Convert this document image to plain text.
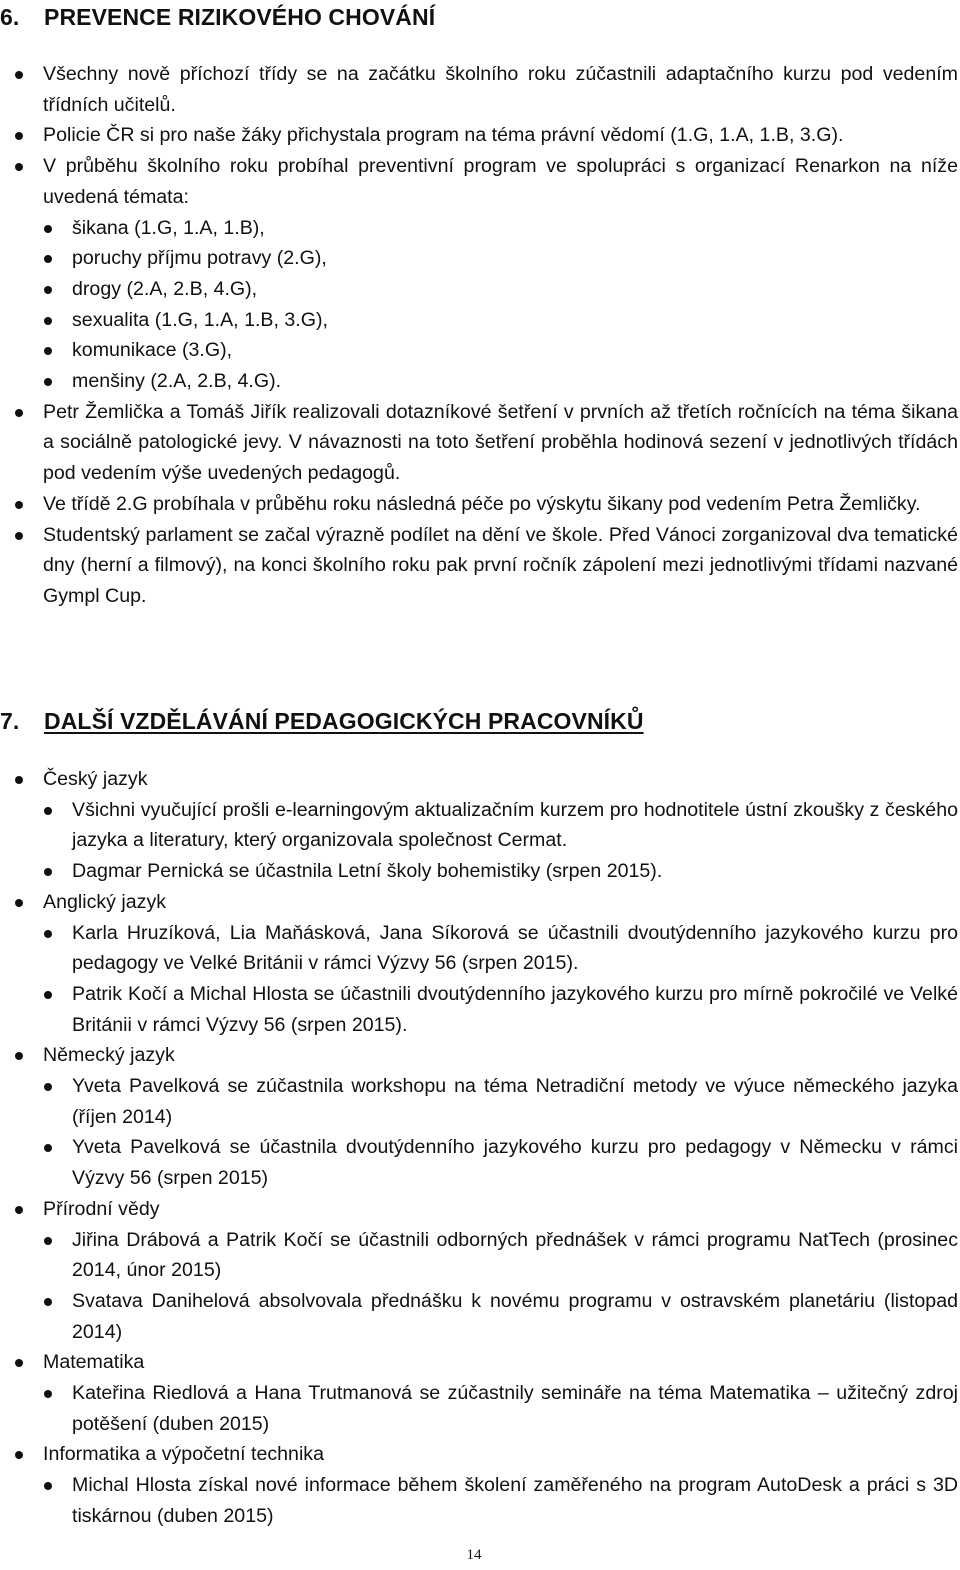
6. PREVENCE RIZIKOVÉHO CHOVÁNÍ
Všechny nově příchozí třídy se na začátku školního roku zúčastnili adaptačního kurzu pod vedením třídních učitelů.
Policie ČR si pro naše žáky přichystala program na téma právní vědomí (1.G, 1.A, 1.B, 3.G).
V průběhu školního roku probíhal preventivní program ve spolupráci s organizací Renarkon na níže uvedená témata:
šikana (1.G, 1.A, 1.B),
poruchy příjmu potravy (2.G),
drogy (2.A, 2.B, 4.G),
sexualita (1.G, 1.A, 1.B, 3.G),
komunikace (3.G),
menšiny (2.A, 2.B, 4.G).
Petr Žemlička a Tomáš Jiřík realizovali dotazníkové šetření v prvních až třetích ročnících na téma šikana a sociálně patologické jevy. V návaznosti na toto šetření proběhla hodinová sezení v jednotlivých třídách pod vedením výše uvedených pedagogů.
Ve třídě 2.G probíhala v průběhu roku následná péče po výskytu šikany pod vedením Petra Žemličky.
Studentský parlament se začal výrazně podílet na dění ve škole. Před Vánoci zorganizoval dva tematické dny (herní a filmový), na konci školního roku pak první ročník zápolení mezi jednotlivými třídami nazvané Gympl Cup.
7. DALŠÍ VZDĚLÁVÁNÍ PEDAGOGICKÝCH PRACOVNÍKŮ
Český jazyk
Všichni vyučující prošli e-learningovým aktualizačním kurzem pro hodnotitele ústní zkoušky z českého jazyka a literatury, který organizovala společnost Cermat.
Dagmar Pernická se účastnila Letní školy bohemistiky (srpen 2015).
Anglický jazyk
Karla Hruzíková, Lia Maňásková, Jana Síkorová se účastnili dvoutýdenního jazykového kurzu pro pedagogy ve Velké Británii v rámci Výzvy 56 (srpen 2015).
Patrik Kočí a Michal Hlosta se účastnili dvoutýdenního jazykového kurzu pro mírně pokročilé ve Velké Británii v rámci Výzvy 56 (srpen 2015).
Německý jazyk
Yveta Pavelková se zúčastnila workshopu na téma Netradiční metody ve výuce německého jazyka (říjen 2014)
Yveta Pavelková se účastnila dvoutýdenního jazykového kurzu pro pedagogy v Německu v rámci Výzvy 56 (srpen 2015)
Přírodní vědy
Jiřina Drábová a Patrik Kočí se účastnili odborných přednášek v rámci programu NatTech (prosinec 2014, únor 2015)
Svatava Danihelová absolvovala přednášku k novému programu v ostravském planetáriu (listopad 2014)
Matematika
Kateřina Riedlová a Hana Trutmanová se zúčastnily semináře na téma Matematika – užitečný zdroj potěšení (duben 2015)
Informatika a výpočetní technika
Michal Hlosta získal nové informace během školení zaměřeného na program AutoDesk a práci s 3D tiskárnou (duben 2015)
14
